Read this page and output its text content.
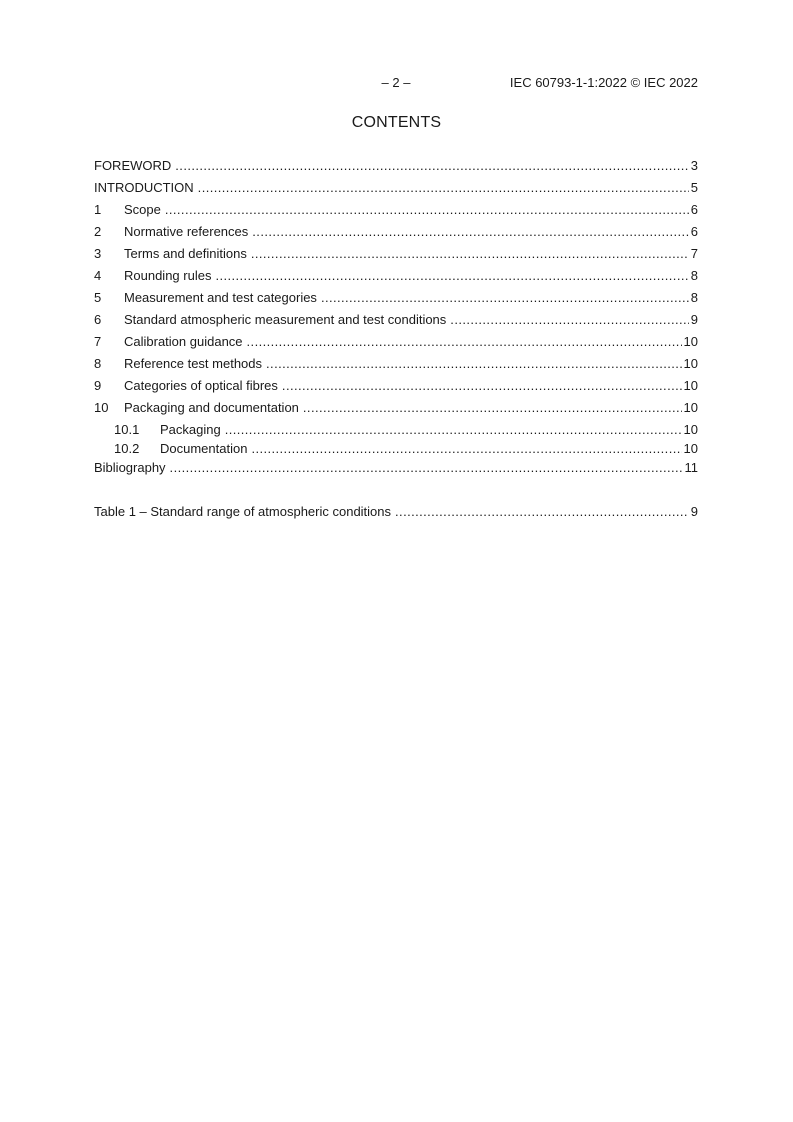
– 2 –	IEC 60793-1-1:2022 © IEC 2022
CONTENTS
FOREWORD .....	3
INTRODUCTION .....	5
1 Scope .....	6
2 Normative references .....	6
3 Terms and definitions .....	7
4 Rounding rules .....	8
5 Measurement and test categories .....	8
6 Standard atmospheric measurement and test conditions .....	9
7 Calibration guidance .....	10
8 Reference test methods .....	10
9 Categories of optical fibres .....	10
10 Packaging and documentation .....	10
10.1 Packaging .....	10
10.2 Documentation .....	10
Bibliography .....	11
Table 1 – Standard range of atmospheric conditions .....	9
